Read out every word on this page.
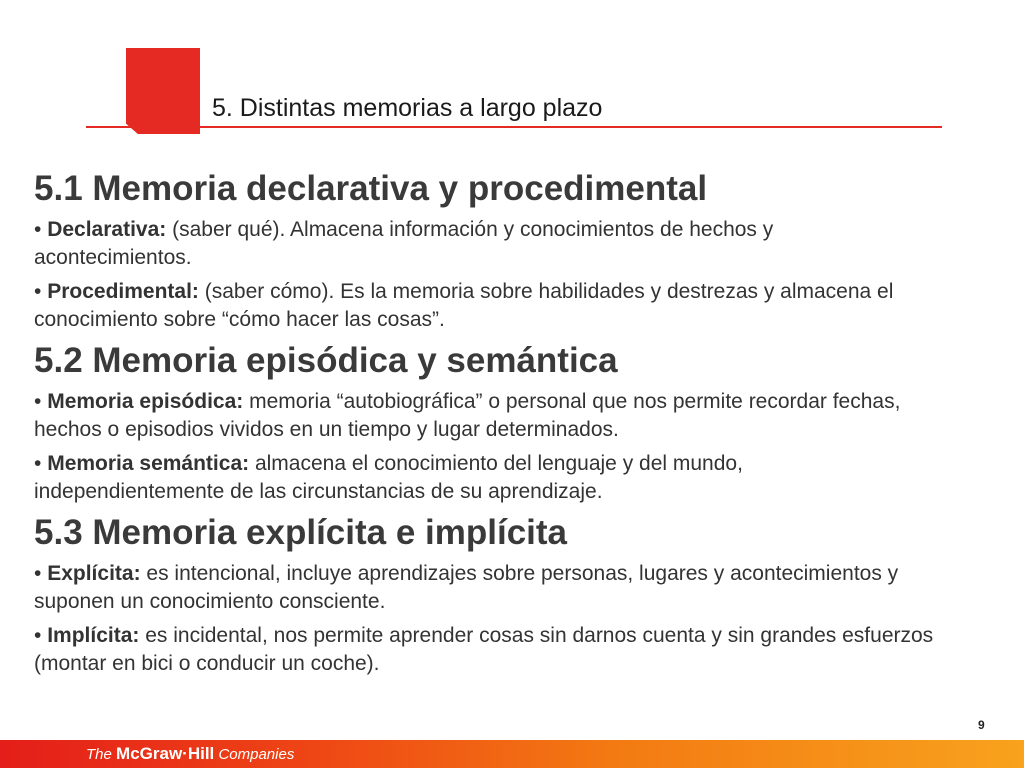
5. Distintas memorias a largo plazo
5.1 Memoria declarativa y procedimental

• Declarativa: (saber qué). Almacena información y conocimientos de hechos y acontecimientos.

• Procedimental: (saber cómo). Es la memoria sobre habilidades y destrezas y almacena el conocimiento sobre “cómo hacer las cosas”.

5.2 Memoria episódica y semántica

• Memoria episódica: memoria “autobiográfica” o personal que nos permite recordar fechas, hechos o episodios vividos en un tiempo y lugar determinados.

• Memoria semántica: almacena el conocimiento del lenguaje y del mundo, independientemente de las circunstancias de su aprendizaje.

5.3 Memoria explícita e implícita

• Explícita: es intencional, incluye aprendizajes sobre personas, lugares y acontecimientos y suponen un conocimiento consciente.

• Implícita: es incidental, nos permite aprender cosas sin darnos cuenta y sin grandes esfuerzos (montar en bici o conducir un coche).

9
The McGraw·Hill Companies
